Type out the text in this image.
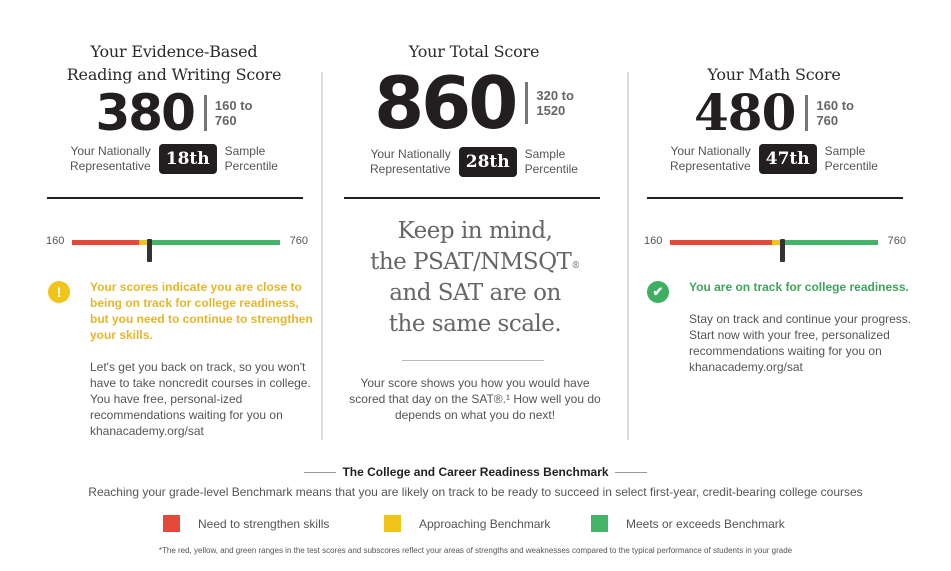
Your Evidence-Based
Reading and Writing Score
380 160 to
760
Your Nationally
Representative 18th	Sample
Percentile
160	760
!	Your scores indicate you are close to being on track for college readiness, but you need to continue to strengthen your skills.
Let's get you back on track, so you won't have to take noncredit courses in college. You have free, personal-ized recommendations waiting for you on khanacademy.org/sat
Your Total Score
860 320 to
1520
Your Nationally
Representative 28th	Sample
Percentile
Keep in mind,
the PSAT/NMSQT®
and SAT are on
the same scale.
Your score shows you how you would have scored that day on the SAT®.¹ How well you do depends on what you do next!
Your Math Score
480 160 to
760
Your Nationally
Representative 47th	Sample
Percentile
160	760
✔	You are on track for college readiness.
Stay on track and continue your progress. Start now with your free, personalized recommendations waiting for you on khanacademy.org/sat
The College and Career Readiness Benchmark
Reaching your grade-level Benchmark means that you are likely on track to be ready to succeed in select first-year, credit-bearing college courses
Need to strengthen skills	Approaching Benchmark	Meets or exceeds Benchmark
*The red, yellow, and green ranges in the test scores and subscores reflect your areas of strengths and weaknesses compared to the typical performance of students in your grade
